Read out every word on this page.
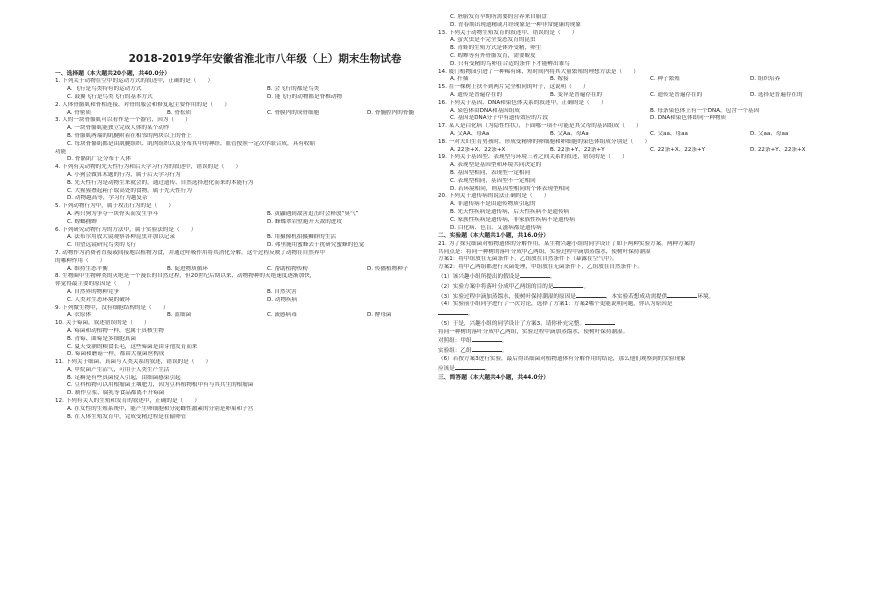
2018-2019学年安徽省淮北市八年级（上）期末生物试卷
一、选择题（本大题共20小题，共40.0分）
1. 下列关于动物在空中的运动方式的叙述中，正确的是（　　）
A. 飞行是鸟类特有的运动方式	B. 会飞行的都是鸟类
C. 鼓翼飞行是鸟类飞行的基本方式	D. 能飞行的动物都是脊椎动物
2. 人体骨骼肌和骨相连接，对骨的服会和修复起主要作用的是（　　）
A. 骨密质	B. 骨松质	C. 骨膜内的成骨细胞	D. 骨髓腔内的骨髓
3. 人的一块骨骼肌可以看作是一个器官，因为（　　）
A. 一块骨骼肌能独立完成人体的某个动作
B. 骨骼肌两端的肌腱附着在相邻的两块以上的骨上
C. 每块骨骼肌都是由肌腱组织、肌肉组织以及分布其中的神经、血管按照一定次序联合成，具有收缩
功能
D. 骨骼肌广泛分布于人体
4. 下列有关动物的先天性行为和后天学习行为的叙述中，错误的是（　　）
A. 小狗会做算术题的行为，属于后天学习行为
B. 先天性行为是动物生来就会的，通过遗传、自然选择进化而来的本能行为
C. 大猩猩叠起箱子取高处的食物，属于先天性行为
D. 动物越高等，学习行为越复杂
5. 下列动物行为中，属于攻击行为的是（　　）
A. 两只狗为争夺一块骨头而发生争斗	B. 黄鼬遇到敌害追击时会释放“臭气”
C. 螳螂捕蝉	D. 蜂蝶翠岩壁避开天敌的进攻
6. 下列研究动物行为的方法中，属于实验法的是（　　）
A. 法布尔用放大镜观察各种昆虫并加以记录	B. 用摄像机拍摄狮群的生活
C. 用望远镜研究鸟类的飞行	D. 弗里施用蜜蜂去干扰研究蜜蜂的色觉
7. 动物作为消费者直接或间接地以植物为食，并通过呼吸作用将其消化分解。这个过程反映了动物在自然界中
的哪种作用（　　）
A. 维持生态平衡	B. 促进物质循环	C. 帮助植物传粉	D. 传播植物种子
8. 生物圈中生物种类的灭绝是一个漫长的自然过程，但20世纪后期以来，动物物种的灭绝速度逐渐加快，
你觉得最主要的原因是（　　）
A. 自然界的物种竞争	B. 自然灾害
C. 人类对生态环境的破坏	D. 动物疾病
9. 下列微生物中，没有细胞结构的是（　　）
A. 衣原体	B. 蓝细菌	C. 流感病毒	D. 酵母菌
10. 关于霉菌，叙述错误的是（　　）
A. 霉菌和动植物一样，也属于真核生物
B. 青霉、曲霉是多细胞真菌
C. 夏天受潮的粮食长毛，这些霉菌是由芽孢发育而来
D. 霉菌和蘑菇一样，都由大量菌丝构成
11. 下列关于细菌、真菌与人类关系的叙述，错误的是（　　）
A. 甲烷菌产生沼气，可用于人类生产生活
B. 足癣是有些真菌侵入引起，由细菌感染引起
C. 豆科植物可以用根瘤菌土壤肥力，因为豆科植物根中有与其共生的根瘤菌
D. 制作豆浆、腐乳等食品都离不开霉菌
12. 下列有关人的生殖和发育的叙述中，正确的是（　　）
A. 在女性的生殖系统中，能产生卵细胞和分泌雌性激素的分别是卵巢和子宫
B. 在人体生殖发育中，完成受精过程是在输卵管
C. 胚胎发育早期所需要的营养来自胎盘
D. 青春期出现遗精或月经现象是一种非常健康的现象
13. 下列关于动物生殖发育的叙述中，错误的是（　　）
A. 萤火虫是不完全变态发育的昆虫
B. 青蛙的生殖方式是体外受精，卵生
C. 蝗蝉等有外骨骼发育，需要蜕皮
D. 只有受精的鸟卵在合适的条件下才能孵出雏鸟
14. 厦门植物园引进了一种稀有珠，短时间内将其大量繁殖的理想方法是（　　）
A. 扦插	B. 嫁接	C. 种子繁殖	D. 组织培养
15. 在一棵树上扶不到两片完全相同的叶子，这说明（　　）
A. 遗传是普遍存在的	B. 变异是普遍存在的	C. 遗传是普遍存在的	D. 选择是普遍存在的
16. 下列关于基因、DNA和染色体关系的叙述中，正确的是（　　）
A. 染色体由DNA和基因组成	B. 每条染色体上有一个DNA，包含一个基因
C. 基因是DNA分子中有遗传效应的片段	D. DNA和染色体即同一种物质
17. 某人是白化病（为隐性性状），下面哪一项不可能是其父母的基因组成（　　）
A. 父AA、母Aa	B. 父Aa、母Aa	C. 父aa、母aa	D. 父aa、母aa
18. 一对夫妇生育男孩时，形成受精卵的卵细胞和卵细胞的染色体组成分别是（　　）
A. 22条+X、22条+X	B. 22条+Y、22条+Y	C. 22条+X、22条+Y	D. 22条+Y、22条+X
19. 下列关于基因型、表现型与环境三者之间关系的叙述，错误的是（　　）
A. 表现型是基因型和环境共同决定的
B. 基因型相同，表现型一定相同
C. 表现型相同，基因型不一定相同
D. 若环境相同，则基因型相同的个体表现型相同
20. 下列关于遗传病的说法正确的是（　　）
A. 非遗传病不是由遗传物质引起的
B. 先天性疾病是遗传病，后天性疾病不是遗传病
C. 家族性疾病是遗传病，非家族性疾病不是遗传病
D. 白化病、色盲、艾滋病都是遗传病
二、实验题（本大题共1小题，共16.0分）
21. 为了探究细菌对植物遗体的分解作用，某生物兴趣小组的同学设计了如下两种实验方案。两种方案的
共同点是：将同一种树的落叶分成甲乙两组，实验过程中滴加蒸馏水，使树叶保持潮湿
方案1：将甲组放在无菌条件下，乙组放在自然条件下（暴露在空气中）。
方案2：将甲乙两组都进行灭菌处理，甲组放在无菌条件下，乙组放在自然条件下。
（1）该兴趣小组所提出的假设是	。
（2）实验方案中将落叶分成甲乙两组的目的是	。
（3）实验过程中滴加蒸馏水，使树叶保持潮湿的原因是	，本实验若想成功需提供	环境。
（4）实验前小组同学进行了一次讨论，选择了方案1：方案2哪个更能说明问题，你认为原因是
。
（5）于是，兴趣小组的同学设计了方案3，请你补充完整。
将同一种树的落叶分成甲乙两组，实验过程中滴加蒸馏水，使树叶保持潮湿。
对照组：甲组	。
实验组：乙组	。
（6）若按方案3进行实验，最后得出细菌对植物遗体有分解作用的结论，那么他们观察到的实验现象
应该是	。
三、简答题（本大题共4小题，共44.0分）
